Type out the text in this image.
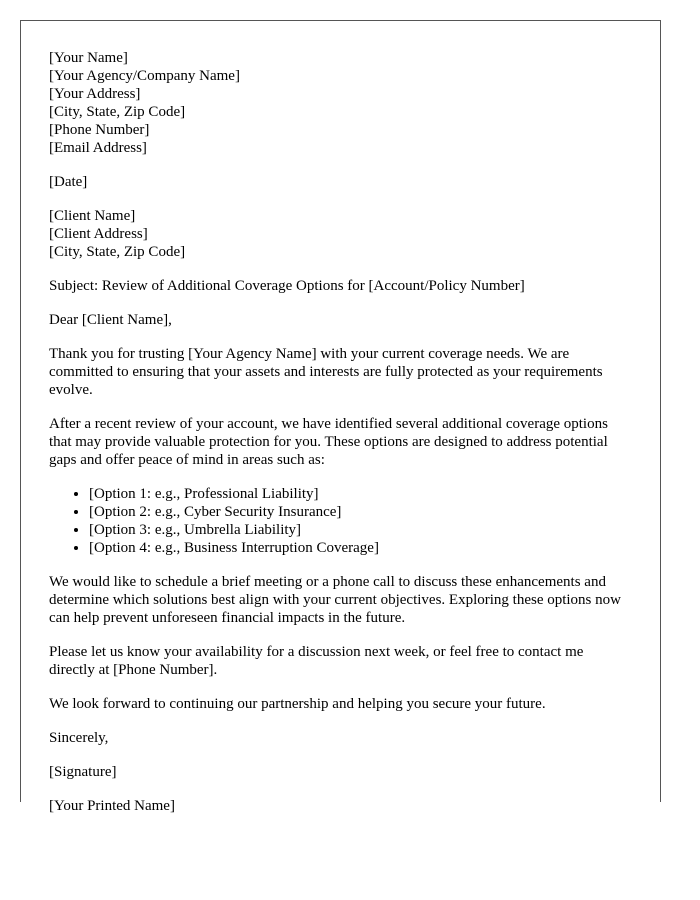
[Your Name]
[Your Agency/Company Name]
[Your Address]
[City, State, Zip Code]
[Phone Number]
[Email Address]
[Date]
[Client Name]
[Client Address]
[City, State, Zip Code]

Subject: Review of Additional Coverage Options for [Account/Policy Number]

Dear [Client Name],

Thank you for trusting [Your Agency Name] with your current coverage needs. We are committed to ensuring that your assets and interests are fully protected as your requirements evolve.

After a recent review of your account, we have identified several additional coverage options that may provide valuable protection for you. These options are designed to address potential gaps and offer peace of mind in areas such as:

• [Option 1: e.g., Professional Liability]
• [Option 2: e.g., Cyber Security Insurance]
• [Option 3: e.g., Umbrella Liability]
• [Option 4: e.g., Business Interruption Coverage]

We would like to schedule a brief meeting or a phone call to discuss these enhancements and determine which solutions best align with your current objectives. Exploring these options now can help prevent unforeseen financial impacts in the future.

Please let us know your availability for a discussion next week, or feel free to contact me directly at [Phone Number].

We look forward to continuing our partnership and helping you secure your future.

Sincerely,

[Signature]

[Your Printed Name]
